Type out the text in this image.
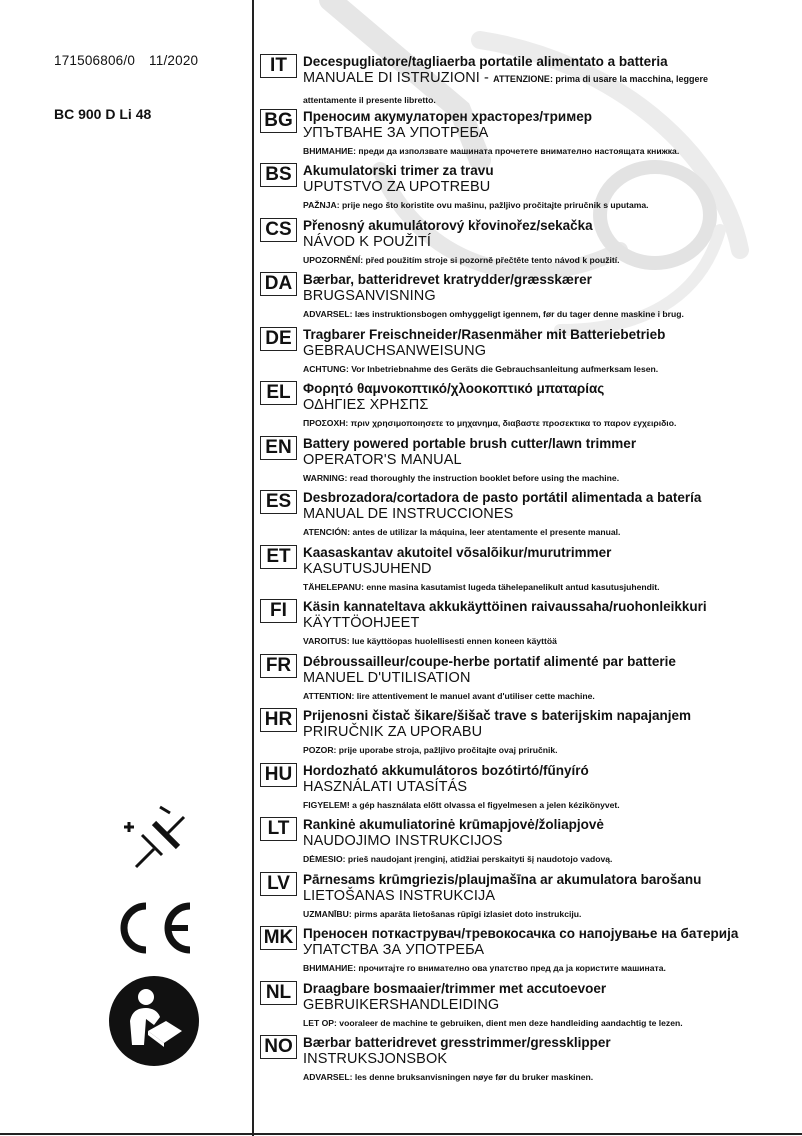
171506806/0 11/2020
BC 900 D Li 48
IT	Decespugliatore/tagliaerba portatile alimentato a batteria
MANUALE DI ISTRUZIONI - ATTENZIONE: prima di usare la macchina, leggere
attentamente il presente libretto.
BG Преносим акумулаторен храсторез/тример
УПЪТВАНЕ ЗА УПОТРЕБА
ВНИМАНИЕ: преди да използвате машината прочетете внимателно настоящата книжка.
BS Akumulatorski trimer za travu
UPUTSTVO ZA UPOTREBU
PAŽNJA: prije nego što koristite ovu mašinu, pažljivo pročitajte priručnik s uputama.
CS Přenosný akumulátorový křovinořez/sekačka
NÁVOD K POUŽITÍ
UPOZORNĚNÍ: před použitím stroje si pozorně přečtěte tento návod k použití.
DA Bærbar, batteridrevet kratrydder/græsskærer
BRUGSANVISNING
ADVARSEL: læs instruktionsbogen omhyggeligt igennem, før du tager denne maskine i brug.
DE Tragbarer Freischneider/Rasenmäher mit Batteriebetrieb
GEBRAUCHSANWEISUNG
ACHTUNG: Vor Inbetriebnahme des Geräts die Gebrauchsanleitung aufmerksam lesen.
EL Φορητό θαμνοκοπτικό/χλοοκοπτικό μπαταρίας
ΟΔΗΓΙΕΣ ΧΡΗΣΠΣ
ΠΡΟΣΟΧΗ: πριν χρησιμοποιησετε το μηχανημα, διαβαστε προσεκτικα το παρον εγχειριδιο.
EN Battery powered portable brush cutter/lawn trimmer
OPERATOR'S MANUAL
WARNING: read thoroughly the instruction booklet before using the machine.
ES Desbrozadora/cortadora de pasto portátil alimentada a batería
MANUAL DE INSTRUCCIONES
ATENCIÓN: antes de utilizar la máquina, leer atentamente el presente manual.
ET Kaasaskantav akutoitel võsalõikur/murutrimmer
KASUTUSJUHEND
TÄHELEPANU: enne masina kasutamist lugeda tähelepanelikult antud kasutusjuhendit.
FI	Käsin kannateltava akkukäyttöinen raivaussaha/ruohonleikkuri
KÄYTTÖOHJEET
VAROITUS: lue käyttöopas huolellisesti ennen koneen käyttöä
FR Débroussailleur/coupe-herbe portatif alimenté par batterie
MANUEL D'UTILISATION
ATTENTION: lire attentivement le manuel avant d'utiliser cette machine.
HR Prijenosni čistač šikare/šišač trave s baterijskim napajanjem
PRIRUČNIK ZA UPORABU
POZOR: prije uporabe stroja, pažljivo pročitajte ovaj priručnik.
HU Hordozható akkumulátoros bozótirtó/fűnyíró
HASZNÁLATI UTASÍTÁS
FIGYELEM! a gép használata előtt olvassa el figyelmesen a jelen kézikönyvet.
LT	Rankinė akumuliatorinė krūmapjovė/žoliapjovė
NAUDOJIMO INSTRUKCIJOS
DĖMESIO: prieš naudojant įrenginį, atidžiai perskaityti šį naudotojo vadovą.
LV Pārnesams krūmgriezis/plaujmašīna ar akumulatora barošanu
LIETOŠANAS INSTRUKCIJA
UZMANĪBU: pirms aparāta lietošanas rūpīgi izlasiet doto instrukciju.
MK Преносен поткаструвач/тревокосачка со напојување на батерија
УПАТСТВА ЗА УПОТРЕБА
ВНИМАНИЕ: прочитајте го внимателно ова упатство пред да ја користите машината.
NL Draagbare bosmaaier/trimmer met accutoevoer
GEBRUIKERSHANDLEIDING
LET OP: vooraleer de machine te gebruiken, dient men deze handleiding aandachtig te lezen.
NO Bærbar batteridrevet gresstrimmer/gressklipper
INSTRUKSJONSBOK
ADVARSEL: les denne bruksanvisningen nøye før du bruker maskinen.
